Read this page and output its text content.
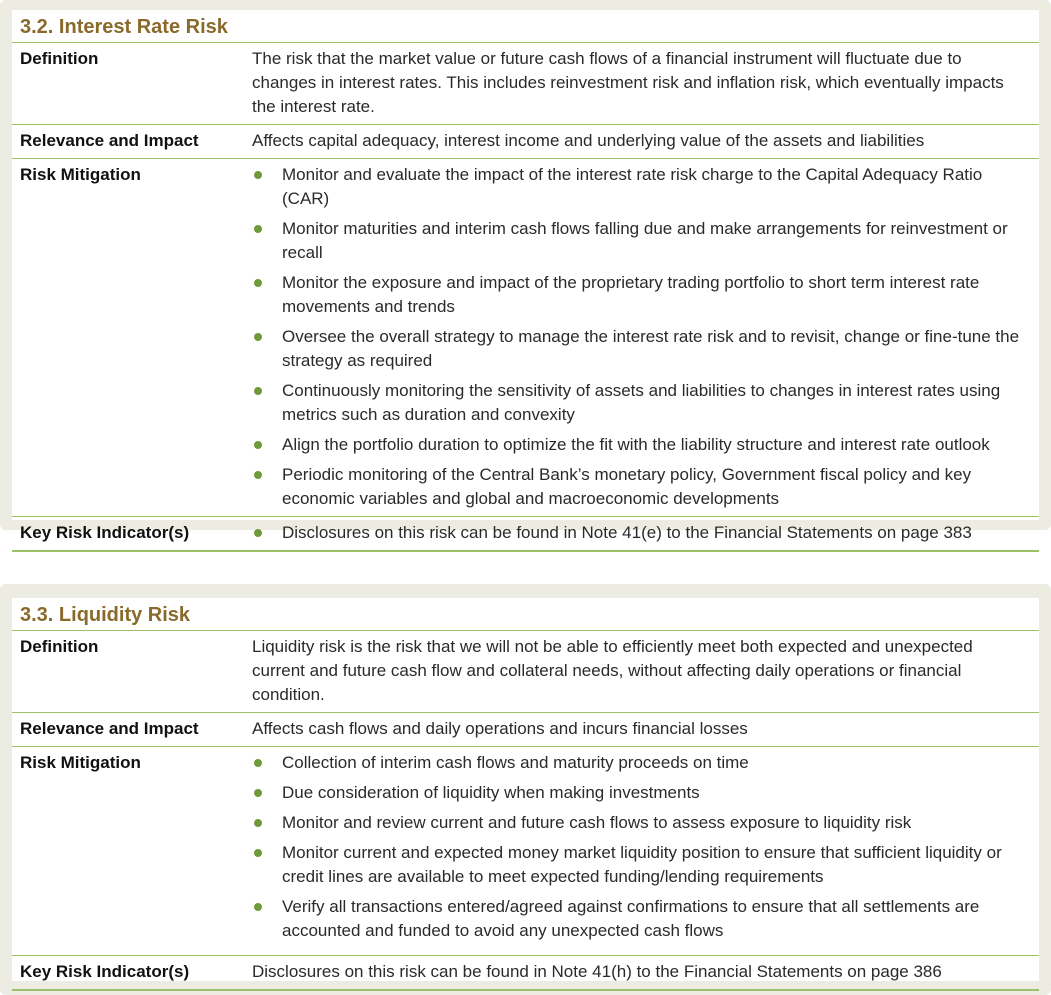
3.2. Interest Rate Risk
Definition	The risk that the market value or future cash flows of a financial instrument will fluctuate due to changes in interest rates. This includes reinvestment risk and inflation risk, which eventually impacts the interest rate.
Relevance and Impact	Affects capital adequacy, interest income and underlying value of the assets and liabilities
Risk Mitigation	Monitor and evaluate the impact of the interest rate risk charge to the Capital Adequacy Ratio (CAR)
Monitor maturities and interim cash flows falling due and make arrangements for reinvestment or recall
Monitor the exposure and impact of the proprietary trading portfolio to short term interest rate movements and trends
Oversee the overall strategy to manage the interest rate risk and to revisit, change or fine-tune the strategy as required
Continuously monitoring the sensitivity of assets and liabilities to changes in interest rates using metrics such as duration and convexity
Align the portfolio duration to optimize the fit with the liability structure and interest rate outlook
Periodic monitoring of the Central Bank’s monetary policy, Government fiscal policy and key economic variables and global and macroeconomic developments
Key Risk Indicator(s)	Disclosures on this risk can be found in Note 41(e) to the Financial Statements on page 383
3.3. Liquidity Risk
Definition	Liquidity risk is the risk that we will not be able to efficiently meet both expected and unexpected current and future cash flow and collateral needs, without affecting daily operations or financial condition.
Relevance and Impact	Affects cash flows and daily operations and incurs financial losses
Risk Mitigation	Collection of interim cash flows and maturity proceeds on time
Due consideration of liquidity when making investments
Monitor and review current and future cash flows to assess exposure to liquidity risk
Monitor current and expected money market liquidity position to ensure that sufficient liquidity or credit lines are available to meet expected funding/lending requirements
Verify all transactions entered/agreed against confirmations to ensure that all settlements are accounted and funded to avoid any unexpected cash flows
Key Risk Indicator(s)	Disclosures on this risk can be found in Note 41(h) to the Financial Statements on page 386
